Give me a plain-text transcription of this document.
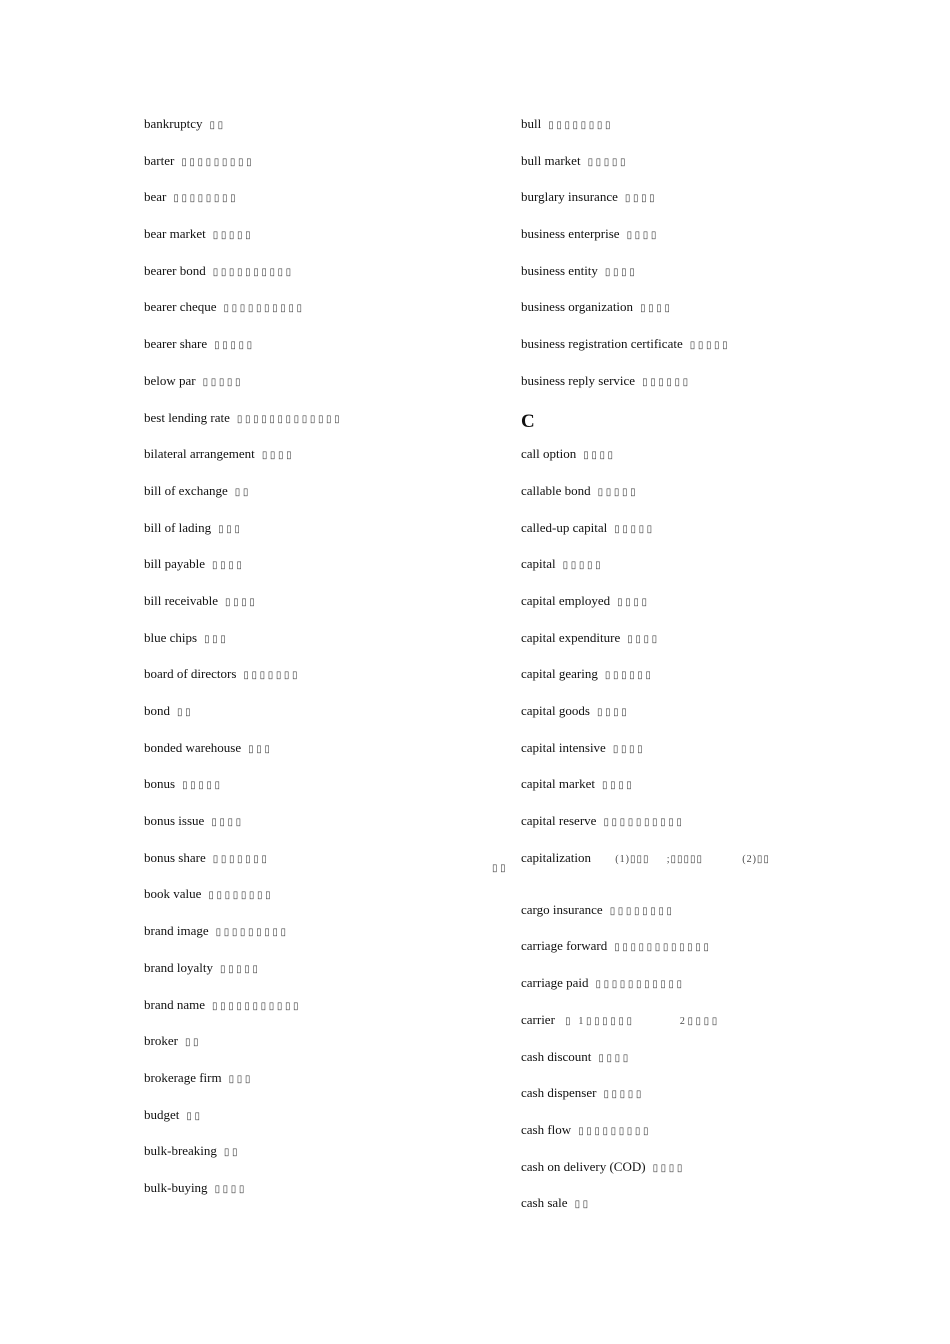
bankruptcy ▯▯
barter ▯▯▯▯▯▯▯▯▯
bear ▯▯▯▯▯▯▯▯
bear market ▯▯▯▯▯
bearer bond ▯▯▯▯▯▯▯▯▯▯
bearer cheque ▯▯▯▯▯▯▯▯▯▯
bearer share ▯▯▯▯▯
below par ▯▯▯▯▯
best lending rate ▯▯▯▯▯▯▯▯▯▯▯▯▯
bilateral arrangement ▯▯▯▯
bill of exchange ▯▯
bill of lading ▯▯▯
bill payable ▯▯▯▯
bill receivable ▯▯▯▯
blue chips ▯▯▯
board of directors ▯▯▯▯▯▯▯
bond ▯▯
bonded warehouse ▯▯▯
bonus ▯▯▯▯▯
bonus issue ▯▯▯▯
bonus share ▯▯▯▯▯▯▯
book value ▯▯▯▯▯▯▯▯
brand image ▯▯▯▯▯▯▯▯▯
brand loyalty ▯▯▯▯▯
brand name ▯▯▯▯▯▯▯▯▯▯▯
broker ▯▯
brokerage firm ▯▯▯
budget ▯▯
bulk-breaking ▯▯
bulk-buying ▯▯▯▯
bull ▯▯▯▯▯▯▯▯
bull market ▯▯▯▯▯
burglary insurance ▯▯▯▯
business enterprise ▯▯▯▯
business entity ▯▯▯▯
business organization ▯▯▯▯
business registration certificate ▯▯▯▯▯
business reply service ▯▯▯▯▯▯
C
call option ▯▯▯▯
callable bond ▯▯▯▯▯
called-up capital ▯▯▯▯▯
capital ▯▯▯▯▯
capital employed ▯▯▯▯
capital expenditure ▯▯▯▯
capital gearing ▯▯▯▯▯▯
capital goods ▯▯▯▯
capital intensive ▯▯▯▯
capital market ▯▯▯▯
capital reserve ▯▯▯▯▯▯▯▯▯▯
capitalization (1)▯▯▯ ;▯▯▯▯▯	(2)▯▯
cargo insurance ▯▯▯▯▯▯▯▯
carriage forward ▯▯▯▯▯▯▯▯▯▯▯▯
carriage paid ▯▯▯▯▯▯▯▯▯▯▯
carrier ▯ 1▯▯▯▯▯▯	2▯▯▯▯
cash discount ▯▯▯▯
cash dispenser ▯▯▯▯▯
cash flow ▯▯▯▯▯▯▯▯▯
cash on delivery (COD) ▯▯▯▯
cash sale ▯▯
▯▯
